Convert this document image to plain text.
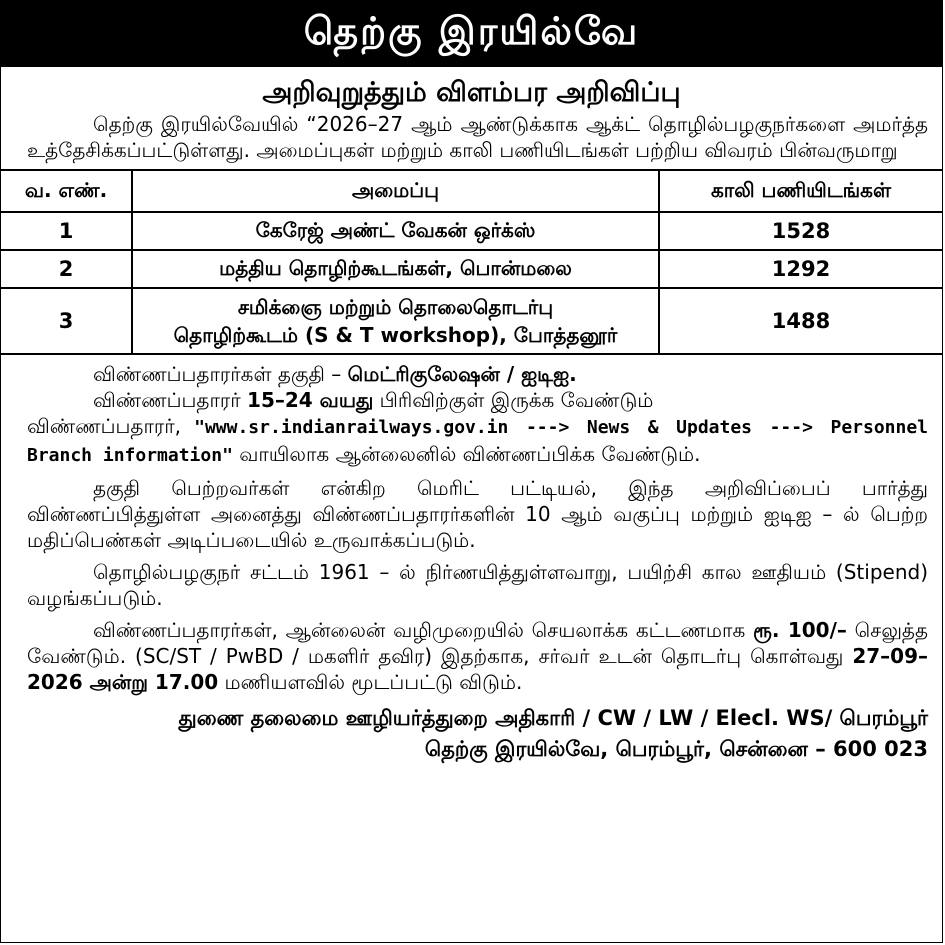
தெற்கு இரயில்வே
அறிவுறுத்தும் விளம்பர அறிவிப்பு

தெற்கு இரயில்வேயில் “2026–27 ஆம் ஆண்டுக்காக ஆக்ட் தொழில்பழகுநர்களை அமர்த்த உத்தேசிக்கப்பட்டுள்ளது. அமைப்புகள் மற்றும் காலி பணியிடங்கள் பற்றிய விவரம் பின்வருமாறு

வ. எண்.	அமைப்பு	காலி பணியிடங்கள்
1	கேரேஜ் அண்ட் வேகன் ஒர்க்ஸ்	1528
2	மத்திய தொழிற்கூடங்கள், பொன்மலை	1292
3	சமிக்ஞை மற்றும் தொலைதொடர்பு
தொழிற்கூடம் (S & T workshop), போத்தனூர்	1488

விண்ணப்பதாரர்கள் தகுதி – மெட்ரிகுலேஷன் / ஐடிஐ.

விண்ணப்பதாரர் 15–24 வயது பிரிவிற்குள் இருக்க வேண்டும்

விண்ணப்பதாரர், "www.sr.indianrailways.gov.in ---> News & Updates ---> Personnel Branch information" வாயிலாக ஆன்லைனில் விண்ணப்பிக்க வேண்டும்.

தகுதி பெற்றவர்கள் என்கிற மெரிட் பட்டியல், இந்த அறிவிப்பைப் பார்த்து விண்ணப்பித்துள்ள அனைத்து விண்ணப்பதாரர்களின் 10 ஆம் வகுப்பு மற்றும் ஐடிஐ – ல் பெற்ற மதிப்பெண்கள் அடிப்படையில் உருவாக்கப்படும்.

தொழில்பழகுநர் சட்டம் 1961 – ல் நிர்ணயித்துள்ளவாறு, பயிற்சி கால ஊதியம் (Stipend) வழங்கப்படும்.

விண்ணப்பதாரர்கள், ஆன்லைன் வழிமுறையில் செயலாக்க கட்டணமாக ரூ. 100/– செலுத்த வேண்டும். (SC/ST / PwBD / மகளிர் தவிர) இதற்காக, சர்வர் உடன் தொடர்பு கொள்வது 27–09–2026 அன்று 17.00 மணியளவில் மூடப்பட்டு விடும்.

துணை தலைமை ஊழியர்த்துறை அதிகாரி / CW / LW / Elecl. WS/ பெரம்பூர்
தெற்கு இரயில்வே, பெரம்பூர், சென்னை – 600 023
